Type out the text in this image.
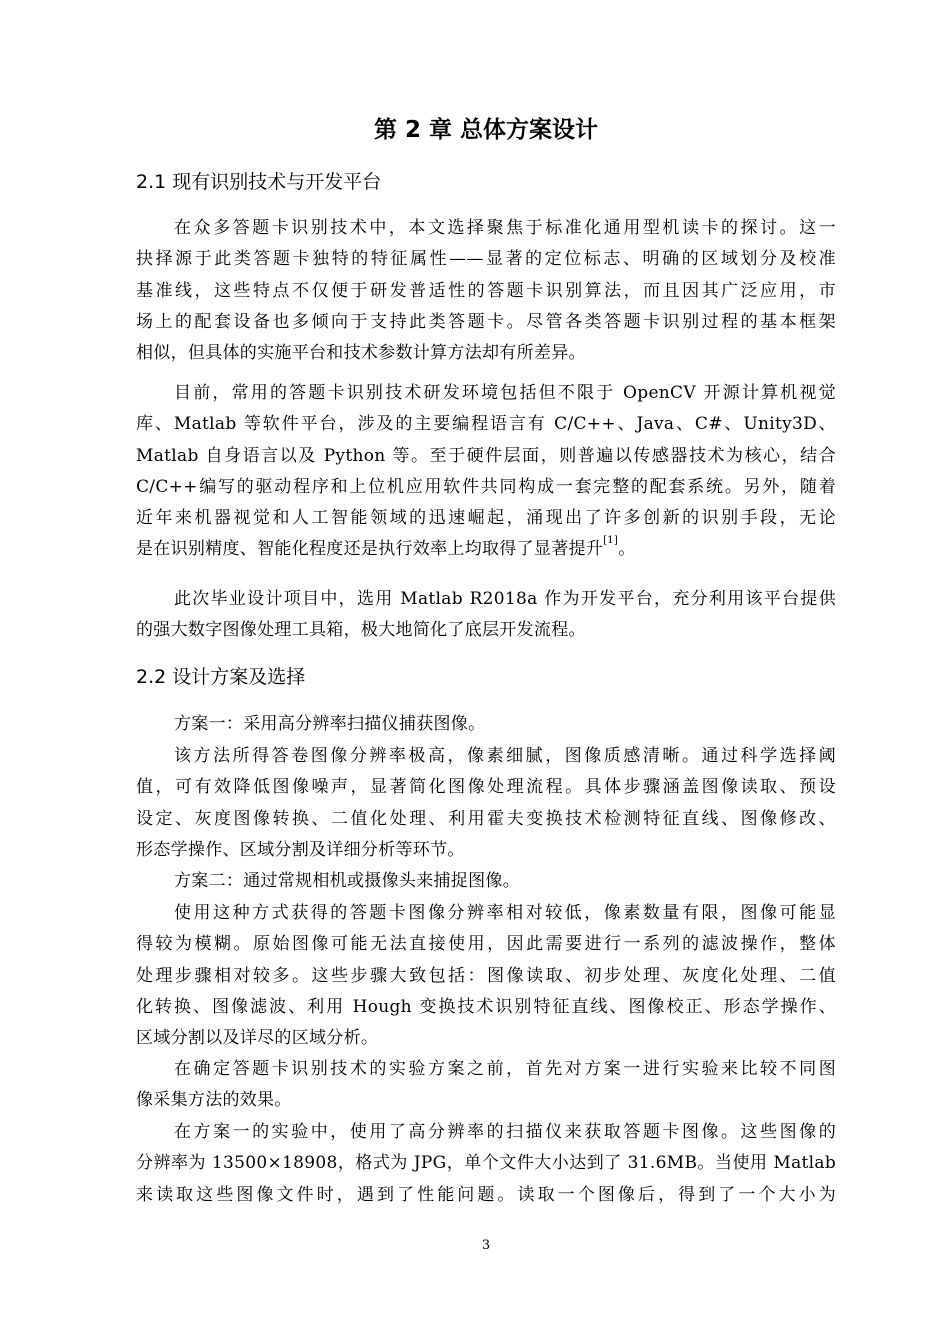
第 2 章 总体方案设计
2.1 现有识别技术与开发平台
在众多答题卡识别技术中，本文选择聚焦于标准化通用型机读卡的探讨。这一
抉择源于此类答题卡独特的特征属性——显著的定位标志、明确的区域划分及校准
基准线，这些特点不仅便于研发普适性的答题卡识别算法，而且因其广泛应用，市
场上的配套设备也多倾向于支持此类答题卡。尽管各类答题卡识别过程的基本框架
相似，但具体的实施平台和技术参数计算方法却有所差异。
目前，常用的答题卡识别技术研发环境包括但不限于 OpenCV 开源计算机视觉
库、Matlab 等软件平台，涉及的主要编程语言有 C/C++、Java、C#、Unity3D、
Matlab 自身语言以及 Python 等。至于硬件层面，则普遍以传感器技术为核心，结合
C/C++编写的驱动程序和上位机应用软件共同构成一套完整的配套系统。另外，随着
近年来机器视觉和人工智能领域的迅速崛起，涌现出了许多创新的识别手段，无论
是在识别精度、智能化程度还是执行效率上均取得了显著提升[1]。
此次毕业设计项目中，选用 Matlab R2018a 作为开发平台，充分利用该平台提供
的强大数字图像处理工具箱，极大地简化了底层开发流程。
2.2 设计方案及选择
方案一：采用高分辨率扫描仪捕获图像。
该方法所得答卷图像分辨率极高，像素细腻，图像质感清晰。通过科学选择阈
值，可有效降低图像噪声，显著简化图像处理流程。具体步骤涵盖图像读取、预设
设定、灰度图像转换、二值化处理、利用霍夫变换技术检测特征直线、图像修改、
形态学操作、区域分割及详细分析等环节。
方案二：通过常规相机或摄像头来捕捉图像。
使用这种方式获得的答题卡图像分辨率相对较低，像素数量有限，图像可能显
得较为模糊。原始图像可能无法直接使用，因此需要进行一系列的滤波操作，整体
处理步骤相对较多。这些步骤大致包括：图像读取、初步处理、灰度化处理、二值
化转换、图像滤波、利用 Hough 变换技术识别特征直线、图像校正、形态学操作、
区域分割以及详尽的区域分析。
在确定答题卡识别技术的实验方案之前，首先对方案一进行实验来比较不同图
像采集方法的效果。
在方案一的实验中，使用了高分辨率的扫描仪来获取答题卡图像。这些图像的
分辨率为 13500×18908，格式为 JPG，单个文件大小达到了 31.6MB。当使用 Matlab
来读取这些图像文件时，遇到了性能问题。读取一个图像后，得到了一个大小为
3
